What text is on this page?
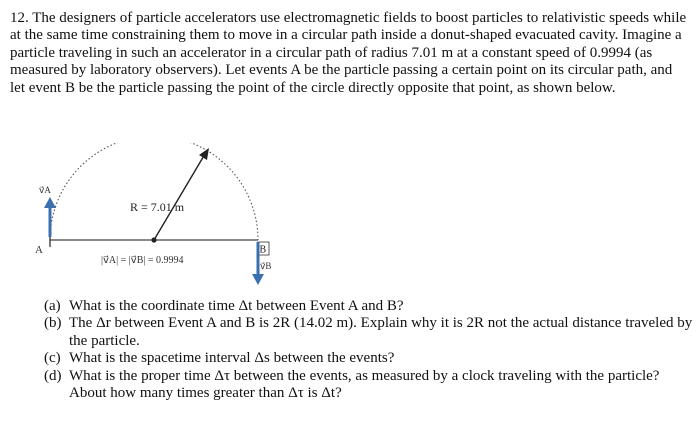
12. The designers of particle accelerators use electromagnetic fields to boost particles to relativistic speeds while at the same time constraining them to move in a circular path inside a donut-shaped evacuated cavity. Imagine a particle traveling in such an accelerator in a circular path of radius 7.01 m at a constant speed of 0.9994 (as measured by laboratory observers). Let events A be the particle passing a certain point on its circular path, and let event B be the particle passing the point of the circle directly opposite that point, as shown below.
R = 7.01 m
|v⃗A| = |v⃗B| = 0.9994
A	B
v⃗A
v⃗B
(a) What is the coordinate time Δt between Event A and B?
(b) The Δr between Event A and B is 2R (14.02 m). Explain why it is 2R not the actual distance traveled by the particle.
(c) What is the spacetime interval Δs between the events?
(d) What is the proper time Δτ between the events, as measured by a clock traveling with the particle? About how many times greater than Δτ is Δt?
